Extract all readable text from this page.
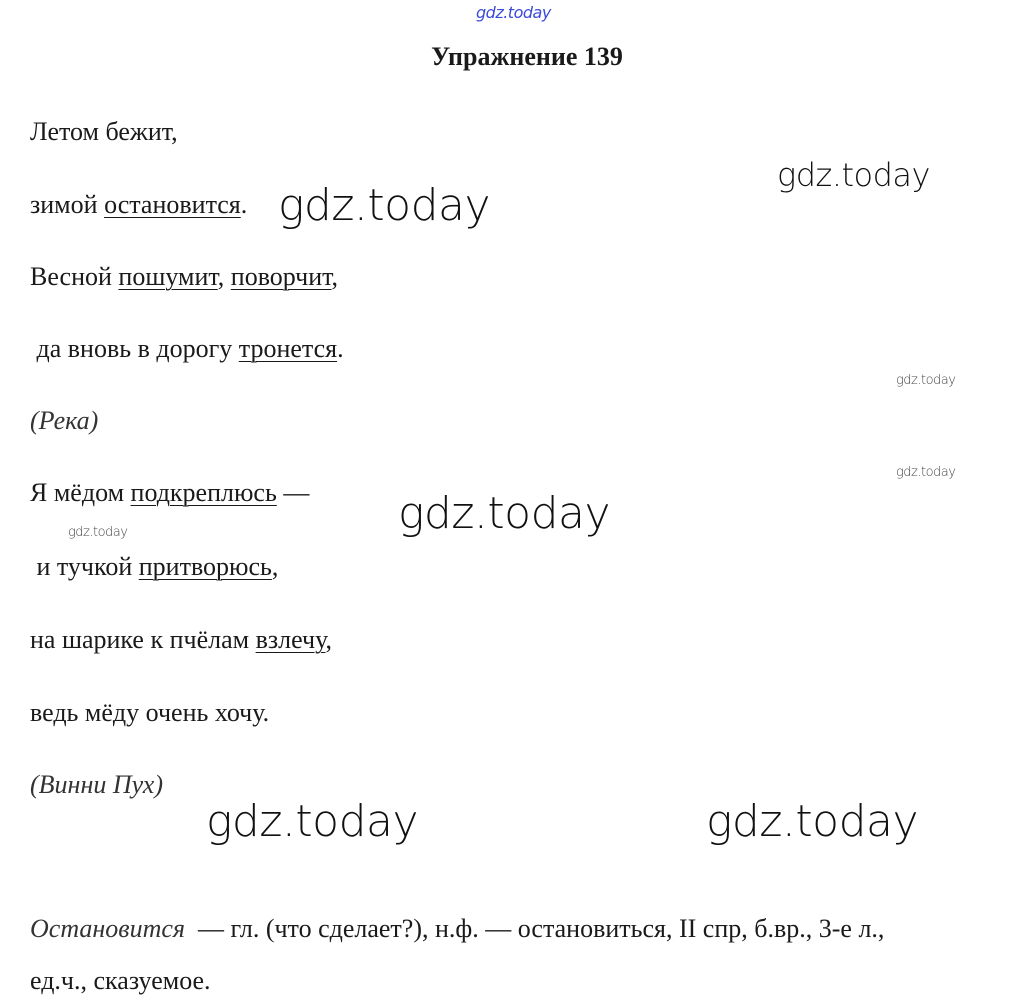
gdz.today
gdz.today
gdz.today
gdz.today
gdz.today
gdz.today
gdz.today
gdz.today	gdz.today
Упражнение 139
Летом бежит,
зимой остановится.
Весной пошумит, поворчит,
да вновь в дорогу тронется.
(Река)
Я мёдом подкреплюсь —
и тучкой притворюсь,
на шарике к пчёлам взлечу,
ведь мёду очень хочу.
(Винни Пух)
Остановится  — гл. (что сделает?), н.ф. — остановиться, II спр, б.вр., 3-е л.,
ед.ч., сказуемое.
